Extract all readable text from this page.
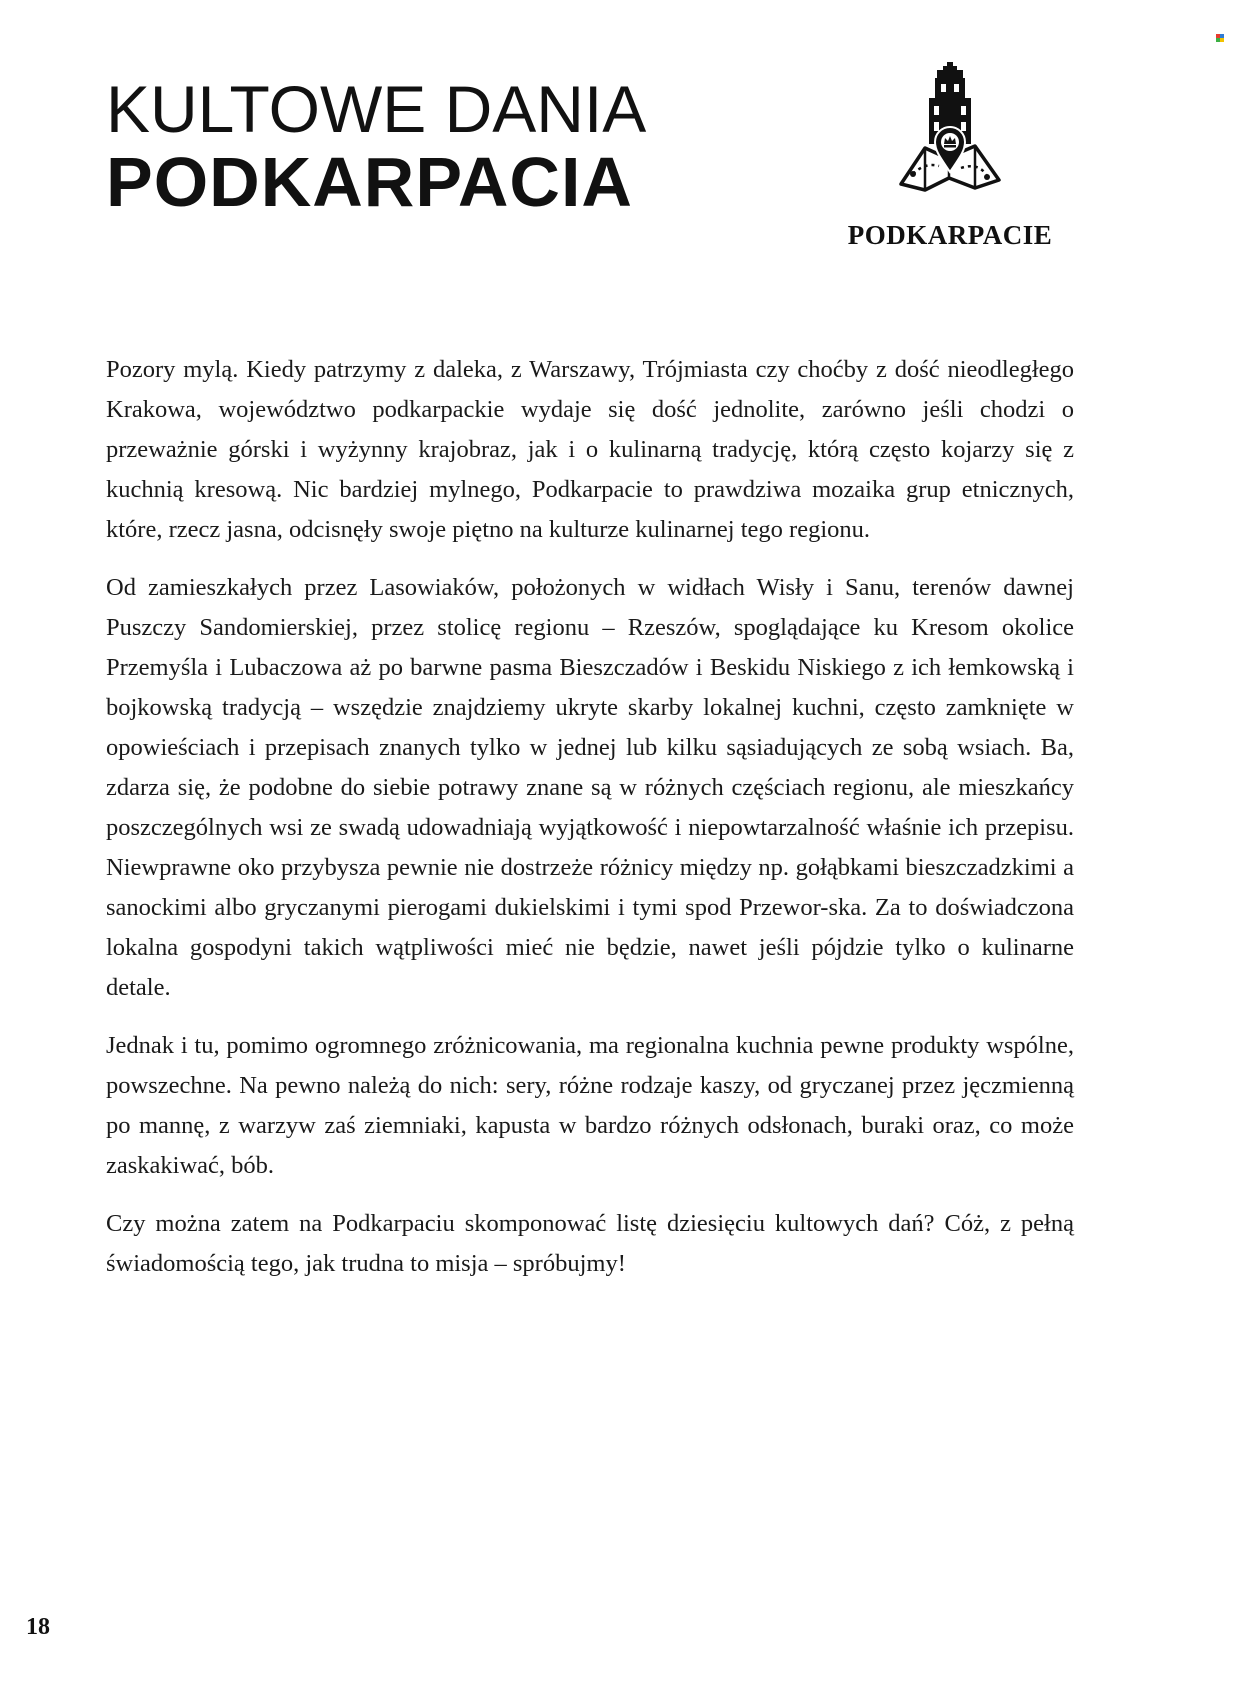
KULTOWE DANIA
PODKARPACIA
PODKARPACIE

Pozory mylą. Kiedy patrzymy z daleka, z Warszawy, Trójmiasta czy choćby z dość nieodległego Krakowa, województwo podkarpackie wydaje się dość jednolite, zarówno jeśli chodzi o przeważnie górski i wyżynny krajobraz, jak i o kulinarną tradycję, którą często kojarzy się z kuchnią kresową. Nic bardziej mylnego, Podkarpacie to prawdziwa mozaika grup etnicznych, które, rzecz jasna, odcisnęły swoje piętno na kulturze kulinarnej tego regionu.

Od zamieszkałych przez Lasowiaków, położonych w widłach Wisły i Sanu, terenów dawnej Puszczy Sandomierskiej, przez stolicę regionu – Rzeszów, spoglądające ku Kresom okolice Przemyśla i Lubaczowa aż po barwne pasma Bieszczadów i Beskidu Niskiego z ich łemkowską i bojkowską tradycją – wszędzie znajdziemy ukryte skarby lokalnej kuchni, często zamknięte w opowieściach i przepisach znanych tylko w jednej lub kilku sąsiadujących ze sobą wsiach. Ba, zdarza się, że podobne do siebie potrawy znane są w różnych częściach regionu, ale mieszkańcy poszczególnych wsi ze swadą udowadniają wyjątkowość i niepowtarzalność właśnie ich przepisu. Niewprawne oko przybysza pewnie nie dostrzeże różnicy między np. gołąbkami bieszczadzkimi a sanockimi albo gryczanymi pierogami dukielskimi i tymi spod Przewor-ska. Za to doświadczona lokalna gospodyni takich wątpliwości mieć nie będzie, nawet jeśli pójdzie tylko o kulinarne detale.

Jednak i tu, pomimo ogromnego zróżnicowania, ma regionalna kuchnia pewne produkty wspólne, powszechne. Na pewno należą do nich: sery, różne rodzaje kaszy, od gryczanej przez jęczmienną po mannę, z warzyw zaś ziemniaki, kapusta w bardzo różnych odsłonach, buraki oraz, co może zaskakiwać, bób.

Czy można zatem na Podkarpaciu skomponować listę dziesięciu kultowych dań? Cóż, z pełną świadomością tego, jak trudna to misja – spróbujmy!

18
